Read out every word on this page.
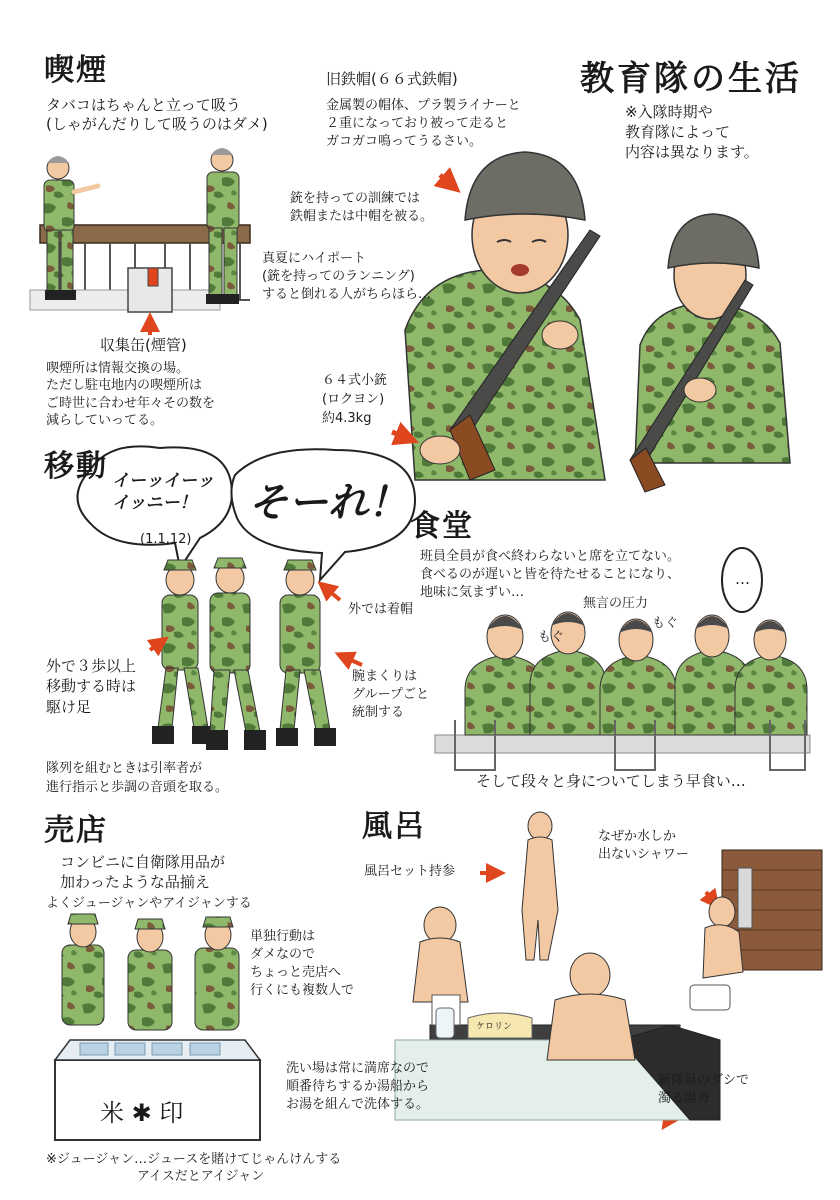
教育隊の生活
※入隊時期や
教育隊によって
内容は異なります。
喫煙
タバコはちゃんと立って吸う
(しゃがんだりして吸うのはダメ)
収集缶(煙管)
喫煙所は情報交換の場。
ただし駐屯地内の喫煙所は
ご時世に合わせ年々その数を
減らしていってる。
旧鉄帽(６６式鉄帽)
金属製の帽体、プラ製ライナーと
２重になっており被って走ると
ガコガコ鳴ってうるさい。
銃を持っての訓練では
鉄帽または中帽を被る。
真夏にハイポート
(銃を持ってのランニング)
すると倒れる人がちらほら…
６４式小銃
(ロクヨン)
約4.3kg
移動 イーッイーッ
イッニー！
(1.1.12)
そーれ！
外では着帽
外で３歩以上
移動する時は
駆け足
腕まくりは
グループごと
統制する
隊列を組むときは引率者が
進行指示と歩調の音頭を取る。
食堂
班員全員が食べ終わらないと席を立てない。
食べるのが遅いと皆を待たせることになり、
地味に気まずい…
無言の圧力
もぐ
もぐ
…
そして段々と身についてしまう早食い…
売店
コンビニに自衛隊用品が
加わったような品揃え
よくジュージャンやアイジャンする
単独行動は
ダメなので
ちょっと売店へ
行くにも複数人で
米 ✱ 印
※ジュージャン…ジュースを賭けてじゃんけんする
　　　　　　　アイスだとアイジャン
風呂
風呂セット持参
なぜか水しか
出ないシャワー
洗い場は常に満席なので
順番待ちするか湯船から
お湯を組んで洗体する。
新隊員のダシで
濁る湯舟
ケロリン
